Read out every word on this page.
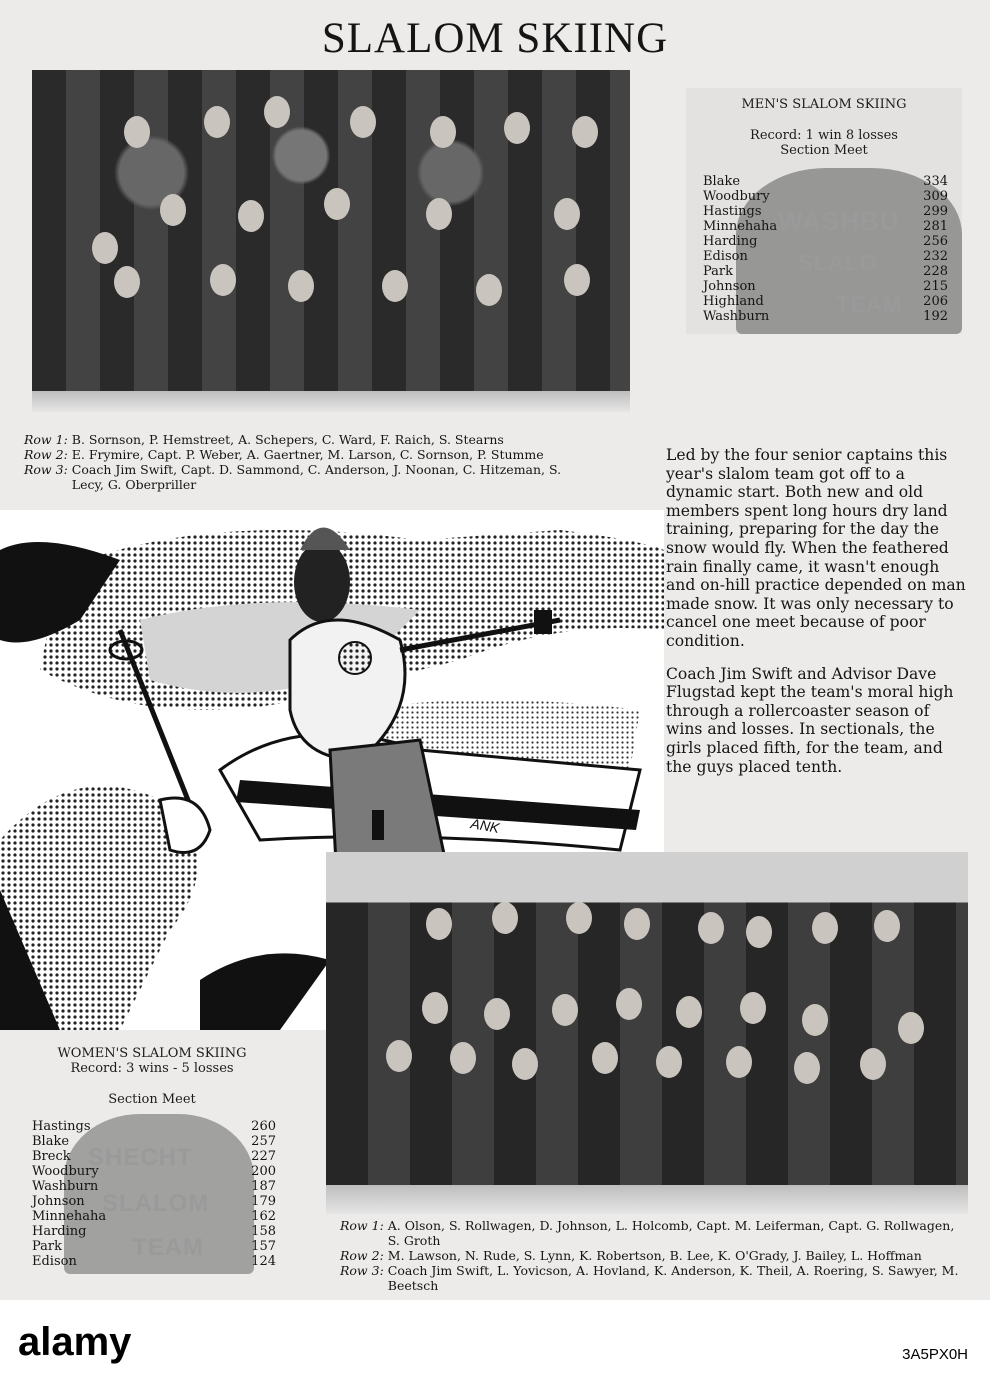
SLALOM SKIING
WASHBU
SLALO
TEAM
MEN'S SLALOM SKIING
Record: 1 win 8 losses
Section Meet
Blake	334
Woodbury	309
Hastings	299
Minnehaha	281
Harding	256
Edison	232
Park	228
Johnson	215
Highland	206
Washburn	192
Row 1: B. Sornson, P. Hemstreet, A. Schepers, C. Ward, F. Raich, S. Stearns
Row 2: E. Frymire, Capt. P. Weber, A. Gaertner, M. Larson, C. Sornson, P. Stumme
Row 3: Coach Jim Swift, Capt. D. Sammond, C. Anderson, J. Noonan, C. Hitzeman, S. Lecy, G. Oberpriller

Led by the four senior captains this year's slalom team got off to a dynamic start. Both new and old members spent long hours dry land training, preparing for the day the snow would fly. When the feathered rain finally came, it wasn't enough and on-hill practice depended on man made snow. It was only necessary to cancel one meet because of poor condition.

Coach Jim Swift and Advisor Dave Flugstad kept the team's moral high through a rollercoaster season of wins and losses. In sectionals, the girls placed fifth, for the team, and the guys placed tenth.

ANK
SHECHT
SLALOM
TEAM
WOMEN'S SLALOM SKIING
Record: 3 wins - 5 losses
Section Meet
Hastings	260
Blake	257
Breck	227
Woodbury	200
Washburn	187
Johnson	179
Minnehaha	162
Harding	158
Park	157
Edison	124
Row 1: A. Olson, S. Rollwagen, D. Johnson, L. Holcomb, Capt. M. Leiferman, Capt. G. Rollwagen, S. Groth
Row 2: M. Lawson, N. Rude, S. Lynn, K. Robertson, B. Lee, K. O'Grady, J. Bailey, L. Hoffman
Row 3: Coach Jim Swift, L. Yovicson, A. Hovland, K. Anderson, K. Theil, A. Roering, S. Sawyer, M. Beetsch
alamy	3A5PX0H
